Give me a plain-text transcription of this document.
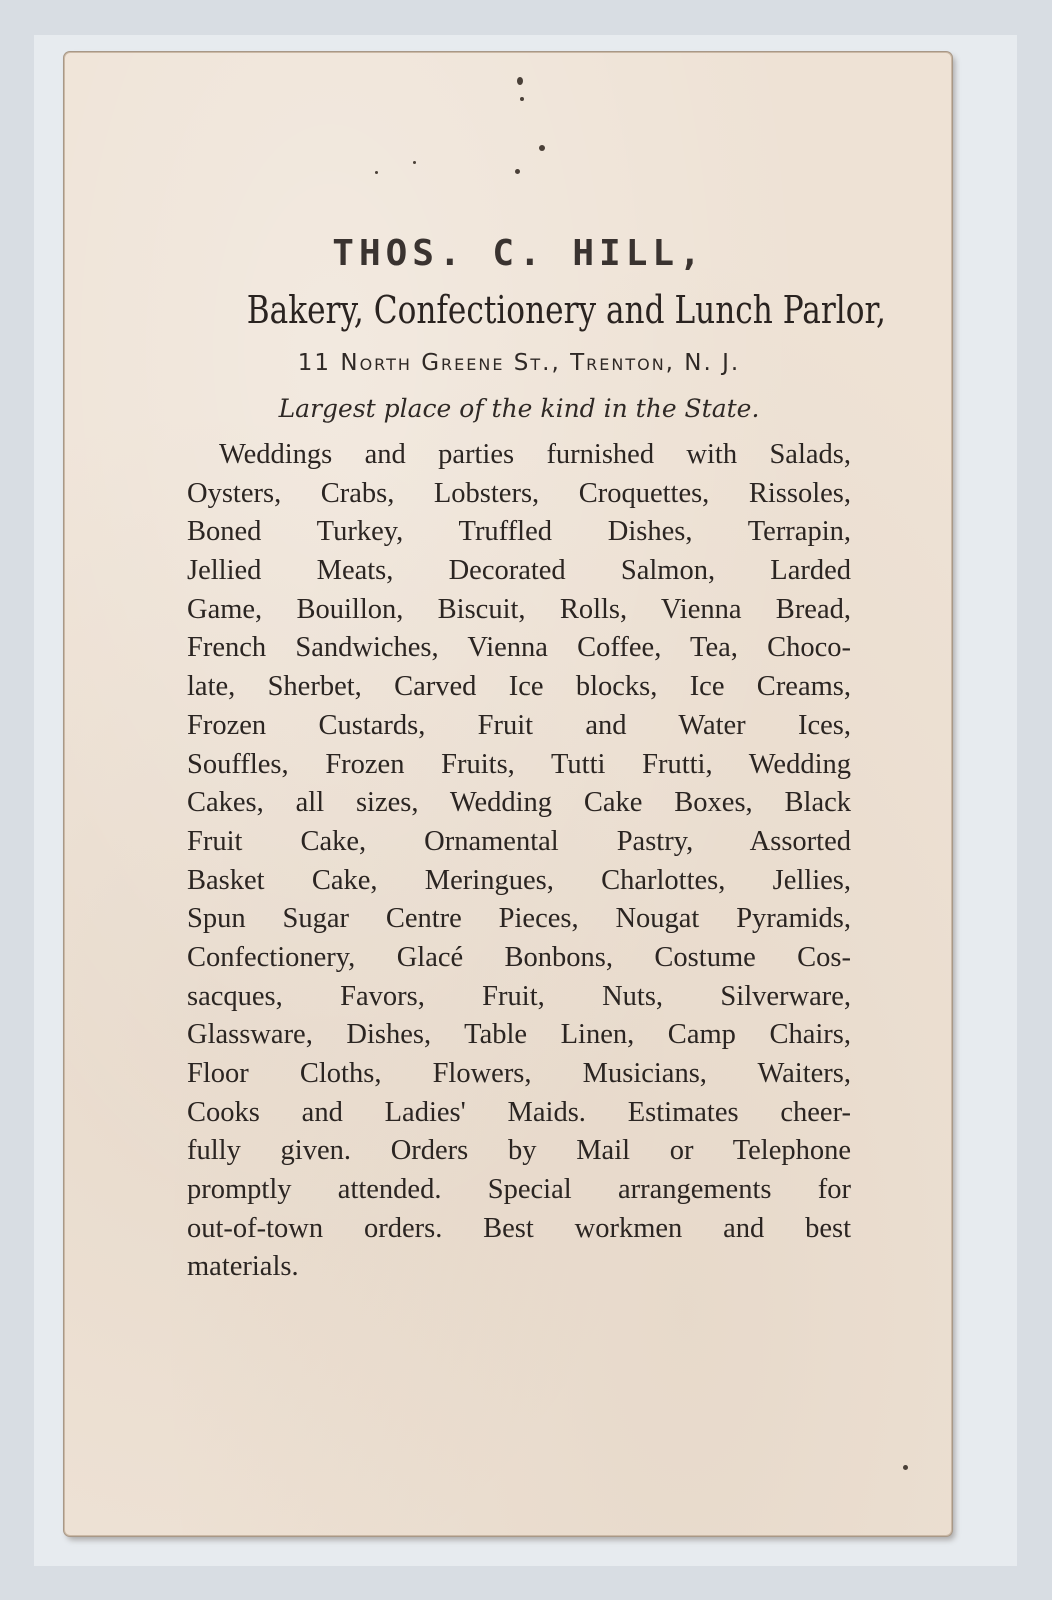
THOS. C. HILL,

Bakery, Confectionery and Lunch Parlor,

11 North Greene St., Trenton, N. J.

Largest place of the kind in the State.

Weddings and parties furnished with Salads,
Oysters, Crabs, Lobsters, Croquettes, Rissoles,
Boned Turkey, Truffled Dishes, Terrapin,
Jellied Meats, Decorated Salmon, Larded
Game, Bouillon, Biscuit, Rolls, Vienna Bread,
French Sandwiches, Vienna Coffee, Tea, Choco-
late, Sherbet, Carved Ice blocks, Ice Creams,
Frozen Custards, Fruit and Water Ices,
Souffles, Frozen Fruits, Tutti Frutti, Wedding
Cakes, all sizes, Wedding Cake Boxes, Black
Fruit Cake, Ornamental Pastry, Assorted
Basket Cake, Meringues, Charlottes, Jellies,
Spun Sugar Centre Pieces, Nougat Pyramids,
Confectionery, Glacé Bonbons, Costume Cos-
sacques, Favors, Fruit, Nuts, Silverware,
Glassware, Dishes, Table Linen, Camp Chairs,
Floor Cloths, Flowers, Musicians, Waiters,
Cooks and Ladies' Maids. Estimates cheer-
fully given. Orders by Mail or Telephone
promptly attended. Special arrangements for
out-of-town orders. Best workmen and best
materials.
